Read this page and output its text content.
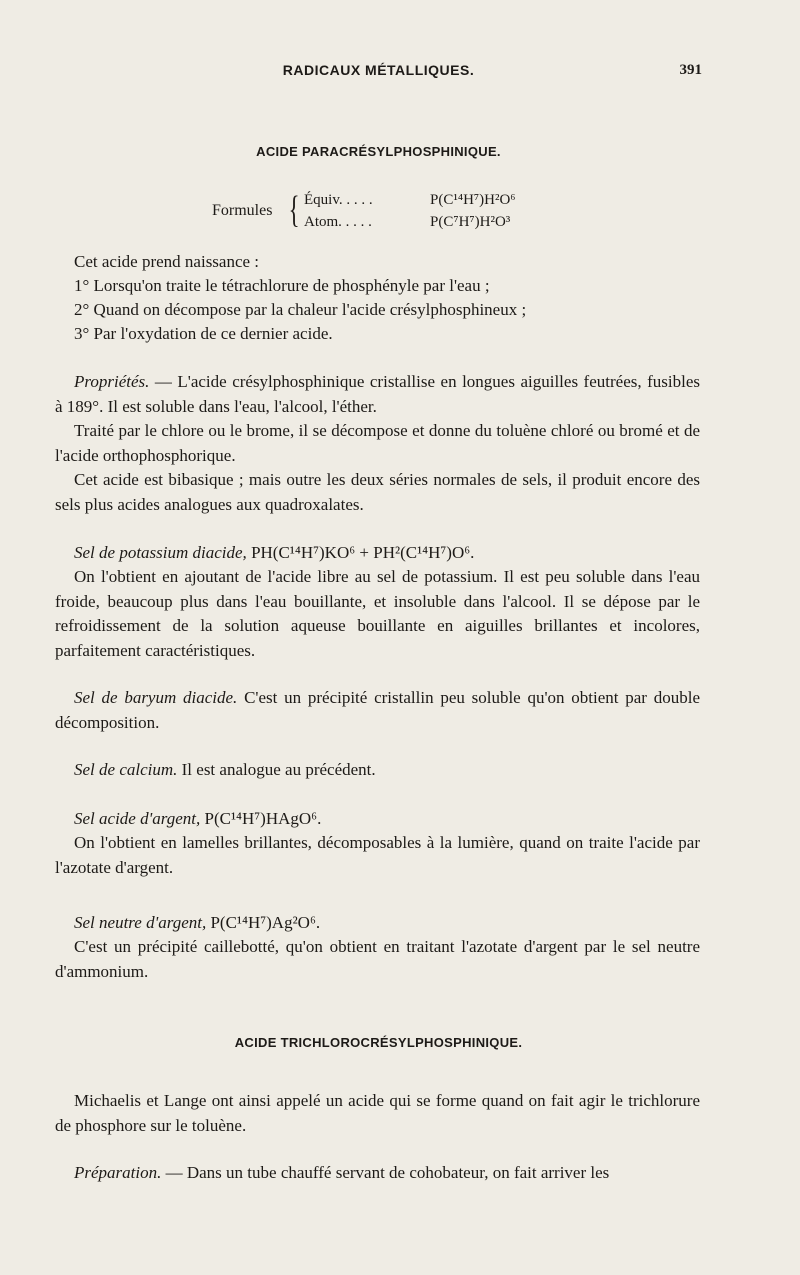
RADICAUX MÉTALLIQUES.	391
ACIDE PARACRÉSYLPHOSPHINIQUE.
Formules { Équiv. . . . .	P(C¹⁴H⁷)H²O⁶
Atom. . . . .	P(C⁷H⁷)H²O³
Cet acide prend naissance :
1° Lorsqu'on traite le tétrachlorure de phosphényle par l'eau ;
2° Quand on décompose par la chaleur l'acide crésylphosphineux ;
3° Par l'oxydation de ce dernier acide.
Propriétés. — L'acide crésylphosphinique cristallise en longues aiguilles feutrées, fusibles à 189°. Il est soluble dans l'eau, l'alcool, l'éther.
Traité par le chlore ou le brome, il se décompose et donne du toluène chloré ou bromé et de l'acide orthophosphorique.
Cet acide est bibasique ; mais outre les deux séries normales de sels, il produit encore des sels plus acides analogues aux quadroxalates.
Sel de potassium diacide, PH(C¹⁴H⁷)KO⁶ + PH²(C¹⁴H⁷)O⁶.
On l'obtient en ajoutant de l'acide libre au sel de potassium. Il est peu soluble dans l'eau froide, beaucoup plus dans l'eau bouillante, et insoluble dans l'alcool. Il se dépose par le refroidissement de la solution aqueuse bouillante en aiguilles brillantes et incolores, parfaitement caractéristiques.
Sel de baryum diacide. C'est un précipité cristallin peu soluble qu'on obtient par double décomposition.
Sel de calcium. Il est analogue au précédent.
Sel acide d'argent, P(C¹⁴H⁷)HAgO⁶.
On l'obtient en lamelles brillantes, décomposables à la lumière, quand on traite l'acide par l'azotate d'argent.
Sel neutre d'argent, P(C¹⁴H⁷)Ag²O⁶.
C'est un précipité caillebotté, qu'on obtient en traitant l'azotate d'argent par le sel neutre d'ammonium.
ACIDE TRICHLOROCRÉSYLPHOSPHINIQUE.
Michaelis et Lange ont ainsi appelé un acide qui se forme quand on fait agir le trichlorure de phosphore sur le toluène.
Préparation. — Dans un tube chauffé servant de cohobateur, on fait arriver les
